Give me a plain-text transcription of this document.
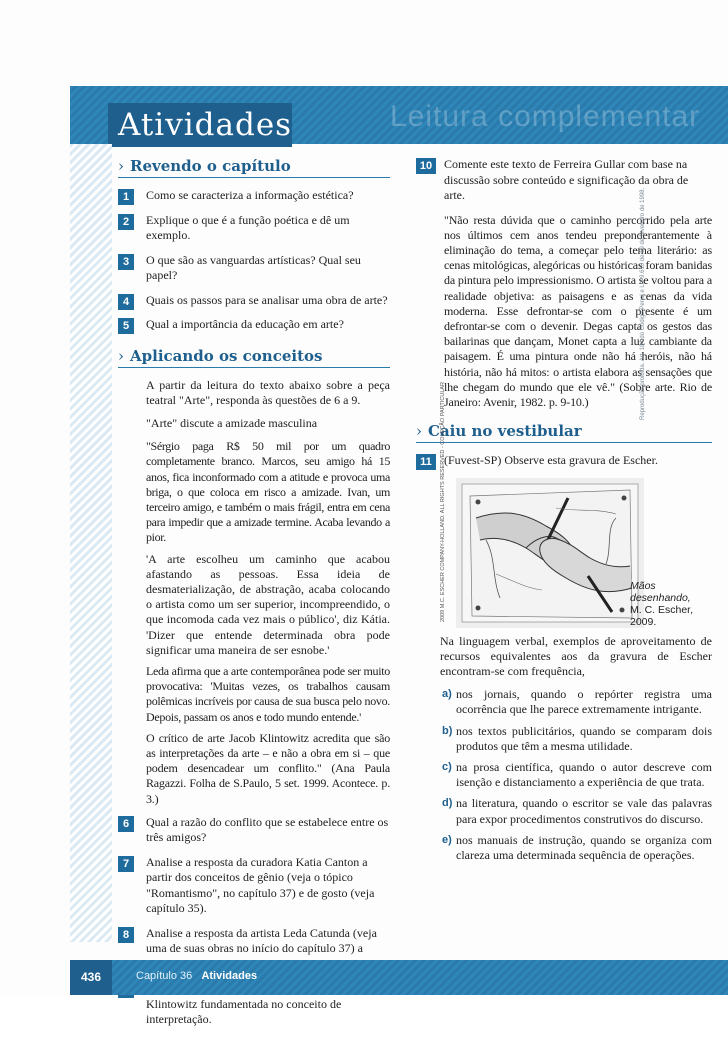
Leitura complementar
Atividades
› Revendo o capítulo
1	Como se caracteriza a informação estética?
2	Explique o que é a função poética e dê um exemplo.
3	O que são as vanguardas artísticas? Qual seu papel?
4	Quais os passos para se analisar uma obra de arte?
5	Qual a importância da educação em arte?
› Aplicando os conceitos

A partir da leitura do texto abaixo sobre a peça teatral "Arte", responda às questões de 6 a 9.

"Arte" discute a amizade masculina

"Sérgio paga R$ 50 mil por um quadro completamente branco. Marcos, seu amigo há 15 anos, fica inconformado com a atitude e provoca uma briga, o que coloca em risco a amizade. Ivan, um terceiro amigo, e também o mais frágil, entra em cena para impedir que a amizade termine. Acaba levando a pior.

'A arte escolheu um caminho que acabou afastando as pessoas. Essa ideia de desmaterialização, de abstração, acaba colocando o artista como um ser superior, incompreendido, o que incomoda cada vez mais o público', diz Kátia. 'Dizer que entende determinada obra pode significar uma maneira de ser esnobe.'

Leda afirma que a arte contemporânea pode ser muito provocativa: 'Muitas vezes, os trabalhos causam polêmicas incríveis por causa de sua busca pelo novo. Depois, passam os anos e todo mundo entende.'

O crítico de arte Jacob Klintowitz acredita que são as interpretações da arte – e não a obra em si – que podem desencadear um conflito." (Ana Paula Ragazzi. Folha de S.Paulo, 5 set. 1999. Acontece. p. 3.)

6	Qual a razão do conflito que se estabelece entre os três amigos?
7	Analise a resposta da curadora Katia Canton a partir dos conceitos de gênio (veja o tópico "Romantismo", no capítulo 37) e de gosto (veja capítulo 35).
8	Analise a resposta da artista Leda Catunda (veja uma de suas obras no início do capítulo 37) a
Klintowitz fundamentada no conceito de interpretação.
10 Comente este texto de Ferreira Gullar com base na discussão sobre conteúdo e significação da obra de arte.

"Não resta dúvida que o caminho percorrido pela arte nos últimos cem anos tendeu preponderantemente à eliminação do tema, a começar pelo tema literário: as cenas mitológicas, alegóricas ou históricas foram banidas da pintura pelo impressionismo. O artista se voltou para a realidade objetiva: as paisagens e as cenas da vida moderna. Esse defrontar-se com o presente é um defrontar-se com o devenir. Degas capta os gestos das bailarinas que dançam, Monet capta a luz cambiante da paisagem. É uma pintura onde não há heróis, não há história, não há mitos: o artista elabora as sensações que lhe chegam do mundo que ele vê." (Sobre arte. Rio de Janeiro: Avenir, 1982. p. 9-10.)

› Caiu no vestibular
11	(Fuvest-SP) Observe esta gravura de Escher.
2009 M.C. ESCHER COMPANY-HOLLAND. ALL RIGHTS RESERVED - COLEÇÃO PARTICULAR	Mãos desenhando,
M. C. Escher,
2009.

Na linguagem verbal, exemplos de aproveitamento de recursos equivalentes aos da gravura de Escher encontram-se com frequência,

a) nos jornais, quando o repórter registra uma ocorrência que lhe parece extremamente intrigante.
b) nos textos publicitários, quando se comparam dois produtos que têm a mesma utilidade.
c) na prosa científica, quando o autor descreve com isenção e distanciamento a experiência de que trata.
d) na literatura, quando o escritor se vale das palavras para expor procedimentos construtivos do discurso.
e) nos manuais de instrução, quando se organiza com clareza uma determinada sequência de operações.
Reprodução proibida. Art. 184 do Código Penal e Lei 9.610 de 19 de fevereiro de 1998.
436	Capítulo 36 Atividades
